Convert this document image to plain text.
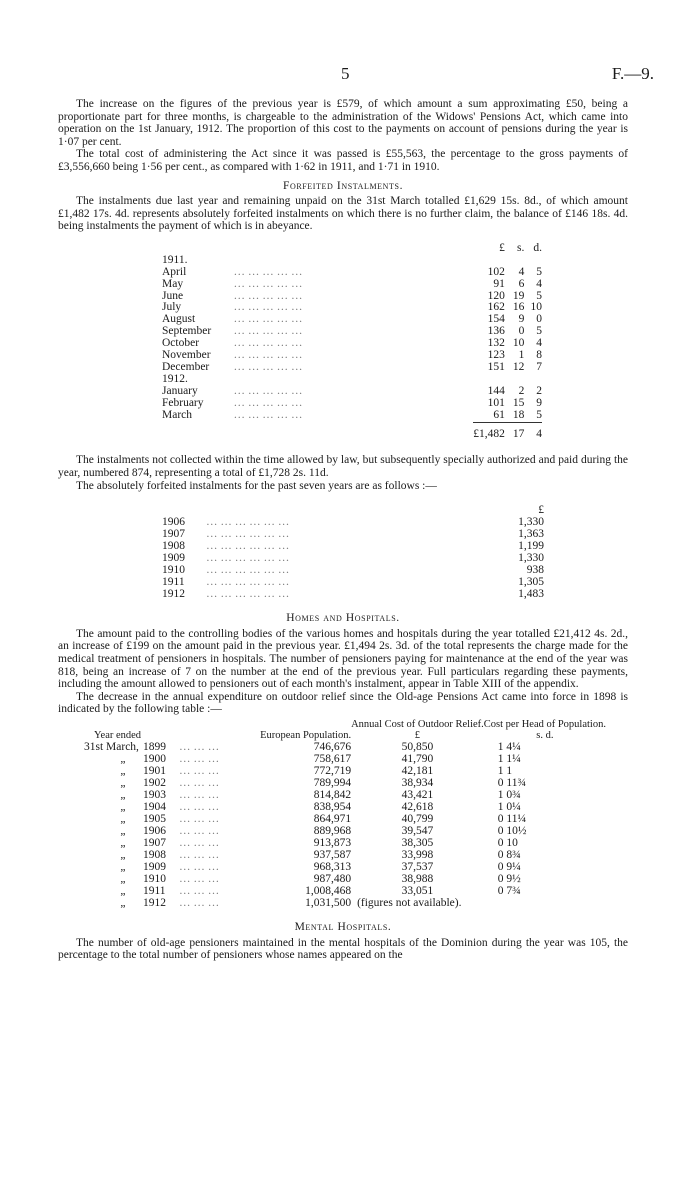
5	F.—9.

The increase on the figures of the previous year is £579, of which amount a sum approximating £50, being a proportionate part for three months, is chargeable to the administration of the Widows' Pensions Act, which came into operation on the 1st January, 1912. The proportion of this cost to the payments on account of pensions during the year is 1·07 per cent.

The total cost of administering the Act since it was passed is £55,563, the percentage to the gross payments of £3,556,660 being 1·56 per cent., as compared with 1·62 in 1911, and 1·71 in 1910.

Forfeited Instalments.

The instalments due last year and remaining unpaid on the 31st March totalled £1,629 15s. 8d., of which amount £1,482 17s. 4d. represents absolutely forfeited instalments on which there is no further claim, the balance of £146 18s. 4d. being instalments the payment of which is in abeyance.

		£	s.	d.
1911.				
April	… … … … …	102	4	5
May	… … … … …	91	6	4
June	… … … … …	120	19	5
July	… … … … …	162	16	10
August	… … … … …	154	9	0
September	… … … … …	136	0	5
October	… … … … …	132	10	4
November	… … … … …	123	1	8
December	… … … … …	151	12	7
1912.				
January	… … … … …	144	2	2
February	… … … … …	101	15	9
March	… … … … …	61	18	5
		£1,482	17	4

The instalments not collected within the time allowed by law, but subsequently specially authorized and paid during the year, numbered 874, representing a total of £1,728 2s. 11d.

The absolutely forfeited instalments for the past seven years are as follows :—

		£
1906	… … … … … …	1,330
1907	… … … … … …	1,363
1908	… … … … … …	1,199
1909	… … … … … …	1,330
1910	… … … … … …	938
1911	… … … … … …	1,305
1912	… … … … … …	1,483
Homes and Hospitals.

The amount paid to the controlling bodies of the various homes and hospitals during the year totalled £21,412 4s. 2d., an increase of £199 on the amount paid in the previous year. £1,494 2s. 3d. of the total represents the charge made for the medical treatment of pensioners in hospitals. The number of pensioners paying for maintenance at the end of the year was 818, being an increase of 7 on the number at the end of the previous year. Full particulars regarding these payments, including the amount allowed to pensioners out of each month's instalment, appear in Table XIII of the appendix.

The decrease in the annual expenditure on outdoor relief since the Old-age Pensions Act came into force in 1898 is indicated by the following table :—

Year ended		European Population.	Annual Cost of Outdoor Relief.
£	Cost per Head of Population.
s. d.
31st March, 1899	… … …	746,676	50,850	1 4¼
„ 1900	… … …	758,617	41,790	1 1¼
„ 1901	… … …	772,719	42,181	1 1
„ 1902	… … …	789,994	38,934	0 11¾
„ 1903	… … …	814,842	43,421	1 0¾
„ 1904	… … …	838,954	42,618	1 0¼
„ 1905	… … …	864,971	40,799	0 11¼
„ 1906	… … …	889,968	39,547	0 10½
„ 1907	… … …	913,873	38,305	0 10
„ 1908	… … …	937,587	33,998	0 8¾
„ 1909	… … …	968,313	37,537	0 9¼
„ 1910	… … …	987,480	38,988	0 9½
„ 1911	… … …	1,008,468	33,051	0 7¾
„ 1912	… … …	1,031,500	(figures not available).	
Mental Hospitals.

The number of old-age pensioners maintained in the mental hospitals of the Dominion during the year was 105, the percentage to the total number of pensioners whose names appeared on the
